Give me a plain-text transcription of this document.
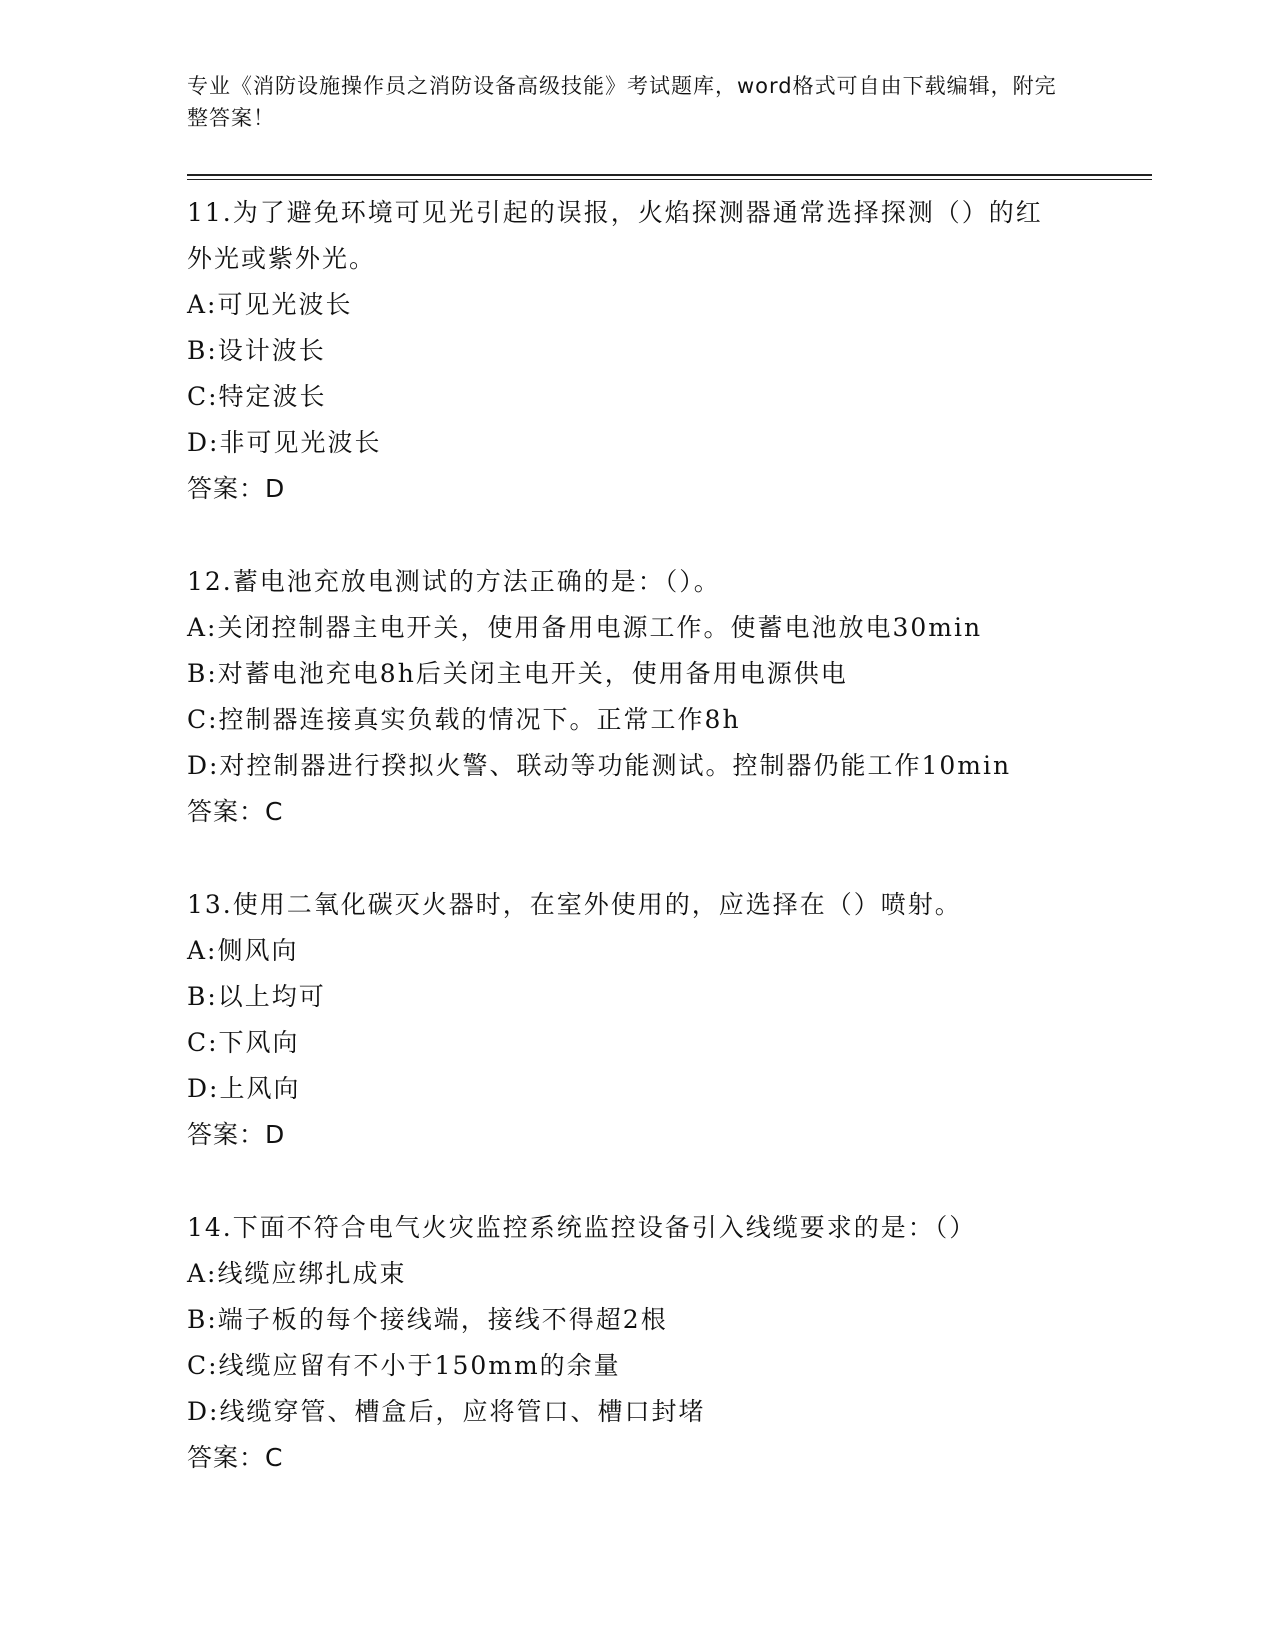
专业《消防设施操作员之消防设备高级技能》考试题库，word格式可自由下载编辑，附完整答案！

11.为了避免环境可见光引起的误报，火焰探测器通常选择探测（）的红外光或紫外光。

A:可见光波长

B:设计波长

C:特定波长

D:非可见光波长

答案：D

12.蓄电池充放电测试的方法正确的是：（）。

A:关闭控制器主电开关，使用备用电源工作。使蓄电池放电30min

B:对蓄电池充电8h后关闭主电开关，使用备用电源供电

C:控制器连接真实负载的情况下。正常工作8h

D:对控制器进行揆拟火警、联动等功能测试。控制器仍能工作10min

答案：C

13.使用二氧化碳灭火器时，在室外使用的，应选择在（）喷射。

A:侧风向

B:以上均可

C:下风向

D:上风向

答案：D

14.下面不符合电气火灾监控系统监控设备引入线缆要求的是：（）

A:线缆应绑扎成束

B:端子板的每个接线端，接线不得超2根

C:线缆应留有不小于150mm的余量

D:线缆穿管、槽盒后，应将管口、槽口封堵

答案：C
